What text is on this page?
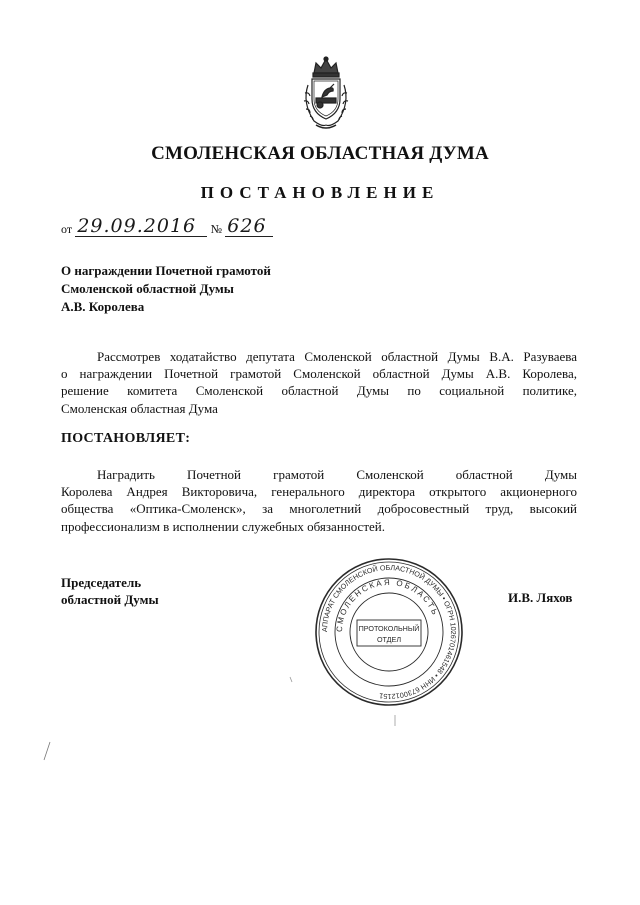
СМОЛЕНСКАЯ ОБЛАСТНАЯ ДУМА
ПОСТАНОВЛЕНИЕ
от 29.09.2016 № 626
О награждении Почетной грамотой
Смоленской областной Думы
А.В. Королева
Рассмотрев ходатайство депутата Смоленской областной Думы В.А. Разуваева
о награждении Почетной грамотой Смоленской областной Думы А.В. Королева,
решение комитета Смоленской областной Думы по социальной политике,
Смоленская областная Дума
ПОСТАНОВЛЯЕТ:
Наградить Почетной грамотой Смоленской областной Думы
Королева Андрея Викторовича, генерального директора открытого акционерного
общества «Оптика-Смоленск», за многолетний добросовестный труд, высокий
профессионализм в исполнении служебных обязанностей.
Председатель
областной Думы	И.В. Ляхов
АППАРАТ СМОЛЕНСКОЙ ОБЛАСТНОЙ ДУМЫ • ОГРН 1026701461548 • ИНН 6730012151
СМОЛЕНСКАЯ ОБЛАСТЬ
ПРОТОКОЛЬНЫЙ
ОТДЕЛ
